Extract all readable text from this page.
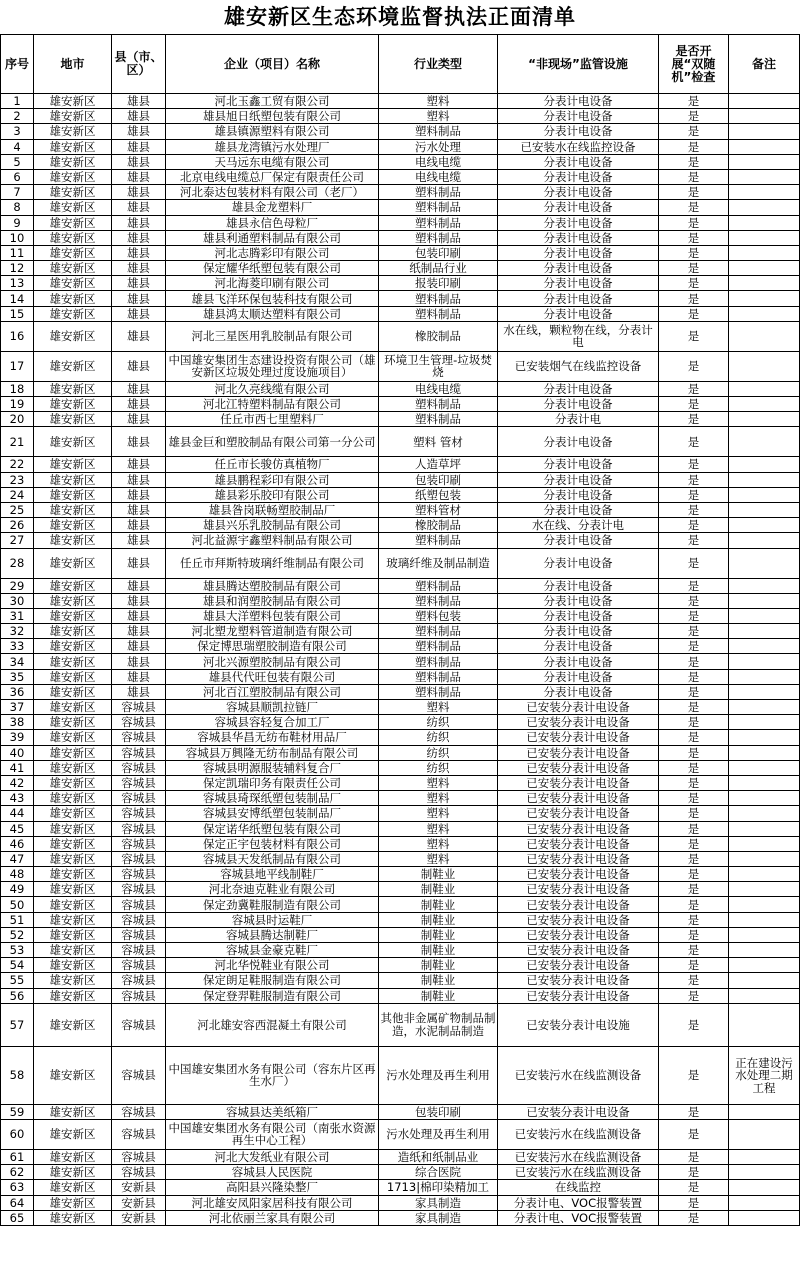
雄安新区生态环境监督执法正面清单
序号	地市	县（市、区）	企业（项目）名称	行业类型	“非现场”监管设施	是否开展“双随机”检查	备注
1	雄安新区	雄县	河北玉鑫工贸有限公司	塑料	分表计电设备	是	
2	雄安新区	雄县	雄县旭日纸塑包装有限公司	塑料	分表计电设备	是	
3	雄安新区	雄县	雄县镇源塑料有限公司	塑料制品	分表计电设备	是	
4	雄安新区	雄县	雄县龙湾镇污水处理厂	污水处理	已安装水在线监控设备	是	
5	雄安新区	雄县	天马远东电缆有限公司	电线电缆	分表计电设备	是	
6	雄安新区	雄县	北京电线电缆总厂保定有限责任公司	电线电缆	分表计电设备	是	
7	雄安新区	雄县	河北泰达包装材料有限公司（老厂）	塑料制品	分表计电设备	是	
8	雄安新区	雄县	雄县金龙塑料厂	塑料制品	分表计电设备	是	
9	雄安新区	雄县	雄县永信色母粒厂	塑料制品	分表计电设备	是	
10	雄安新区	雄县	雄县利通塑料制品有限公司	塑料制品	分表计电设备	是	
11	雄安新区	雄县	河北志腾彩印有限公司	包装印刷	分表计电设备	是	
12	雄安新区	雄县	保定耀华纸塑包装有限公司	纸制品行业	分表计电设备	是	
13	雄安新区	雄县	河北海菱印刷有限公司	报装印刷	分表计电设备	是	
14	雄安新区	雄县	雄县飞洋环保包装科技有限公司	塑料制品	分表计电设备	是	
15	雄安新区	雄县	雄县鸿太顺达塑料有限公司	塑料制品	分表计电设备	是	
16	雄安新区	雄县	河北三星医用乳胶制品有限公司	橡胶制品	水在线，颗粒物在线，分表计电	是	
17	雄安新区	雄县	中国雄安集团生态建设投资有限公司（雄安新区垃圾处理过度设施项目）	环境卫生管理-垃圾焚烧	已安装烟气在线监控设备	是	
18	雄安新区	雄县	河北久亮线缆有限公司	电线电缆	分表计电设备	是	
19	雄安新区	雄县	河北江特塑料制品有限公司	塑料制品	分表计电设备	是	
20	雄安新区	雄县	任丘市西七里塑料厂	塑料制品	分表计电	是	
21	雄安新区	雄县	雄县金巨和塑胶制品有限公司第一分公司	塑料 管材	分表计电设备	是	
22	雄安新区	雄县	任丘市长骏仿真植物厂	人造草坪	分表计电设备	是	
23	雄安新区	雄县	雄县鹏程彩印有限公司	包装印刷	分表计电设备	是	
24	雄安新区	雄县	雄县彩乐胶印有限公司	纸塑包装	分表计电设备	是	
25	雄安新区	雄县	雄县昝岗联畅塑胶制品厂	塑料管材	分表计电设备	是	
26	雄安新区	雄县	雄县兴乐乳胶制品有限公司	橡胶制品	水在线、分表计电	是	
27	雄安新区	雄县	河北益源宇鑫塑料制品有限公司	塑料制品	分表计电设备	是	
28	雄安新区	雄县	任丘市拜斯特玻璃纤维制品有限公司	玻璃纤维及制品制造	分表计电设备	是	
29	雄安新区	雄县	雄县腾达塑胶制品有限公司	塑料制品	分表计电设备	是	
30	雄安新区	雄县	雄县和润塑胶制品有限公司	塑料制品	分表计电设备	是	
31	雄安新区	雄县	雄县大洋塑料包装有限公司	塑料包装	分表计电设备	是	
32	雄安新区	雄县	河北塑龙塑料管道制造有限公司	塑料制品	分表计电设备	是	
33	雄安新区	雄县	保定博思瑞塑胶制造有限公司	塑料制品	分表计电设备	是	
34	雄安新区	雄县	河北兴源塑胶制品有限公司	塑料制品	分表计电设备	是	
35	雄安新区	雄县	雄县代代旺包装有限公司	塑料制品	分表计电设备	是	
36	雄安新区	雄县	河北百江塑胶制品有限公司	塑料制品	分表计电设备	是	
37	雄安新区	容城县	容城县顺凯拉链厂	塑料	已安装分表计电设备	是	
38	雄安新区	容城县	容城县容轻复合加工厂	纺织	已安装分表计电设备	是	
39	雄安新区	容城县	容城县华昌无纺布鞋材用品厂	纺织	已安装分表计电设备	是	
40	雄安新区	容城县	容城县万興隆无纺布制品有限公司	纺织	已安装分表计电设备	是	
41	雄安新区	容城县	容城县明源服装辅料复合厂	纺织	已安装分表计电设备	是	
42	雄安新区	容城县	保定凯瑞印务有限责任公司	塑料	已安装分表计电设备	是	
43	雄安新区	容城县	容城县琦琛纸塑包装制品厂	塑料	已安装分表计电设备	是	
44	雄安新区	容城县	容城县安博纸塑包装制品厂	塑料	已安装分表计电设备	是	
45	雄安新区	容城县	保定诺华纸塑包装有限公司	塑料	已安装分表计电设备	是	
46	雄安新区	容城县	保定正宇包装材料有限公司	塑料	已安装分表计电设备	是	
47	雄安新区	容城县	容城县天发纸制品有限公司	塑料	已安装分表计电设备	是	
48	雄安新区	容城县	容城县地平线制鞋厂	制鞋业	已安装分表计电设备	是	
49	雄安新区	容城县	河北奈迪克鞋业有限公司	制鞋业	已安装分表计电设备	是	
50	雄安新区	容城县	保定劲冀鞋服制造有限公司	制鞋业	已安装分表计电设备	是	
51	雄安新区	容城县	容城县时运鞋厂	制鞋业	已安装分表计电设备	是	
52	雄安新区	容城县	容城县腾达制鞋厂	制鞋业	已安装分表计电设备	是	
53	雄安新区	容城县	容城县金豪克鞋厂	制鞋业	已安装分表计电设备	是	
54	雄安新区	容城县	河北华悦鞋业有限公司	制鞋业	已安装分表计电设备	是	
55	雄安新区	容城县	保定朗足鞋服制造有限公司	制鞋业	已安装分表计电设备	是	
56	雄安新区	容城县	保定登羿鞋服制造有限公司	制鞋业	已安装分表计电设备	是	
57	雄安新区	容城县	河北雄安容西混凝土有限公司	其他非金属矿物制品制造，水泥制品制造	已安装分表计电设施	是	
58	雄安新区	容城县	中国雄安集团水务有限公司（容东片区再生水厂）	污水处理及再生利用	已安装污水在线监测设备	是	正在建设污水处理二期工程
59	雄安新区	容城县	容城县达美纸箱厂	包装印刷	已安装分表计电设备	是	
60	雄安新区	容城县	中国雄安集团水务有限公司（南张水资源再生中心工程）	污水处理及再生利用	已安装污水在线监测设备	是	
61	雄安新区	容城县	河北大发纸业有限公司	造纸和纸制品业	已安装污水在线监测设备	是	
62	雄安新区	容城县	容城县人民医院	综合医院	已安装污水在线监测设备	是	
63	雄安新区	安新县	高阳县兴隆染整厂	1713|棉印染精加工	在线监控	是	
64	雄安新区	安新县	河北雄安凤阳家居科技有限公司	家具制造	分表计电、VOC报警装置	是	
65	雄安新区	安新县	河北依丽兰家具有限公司	家具制造	分表计电、VOC报警装置	是	
